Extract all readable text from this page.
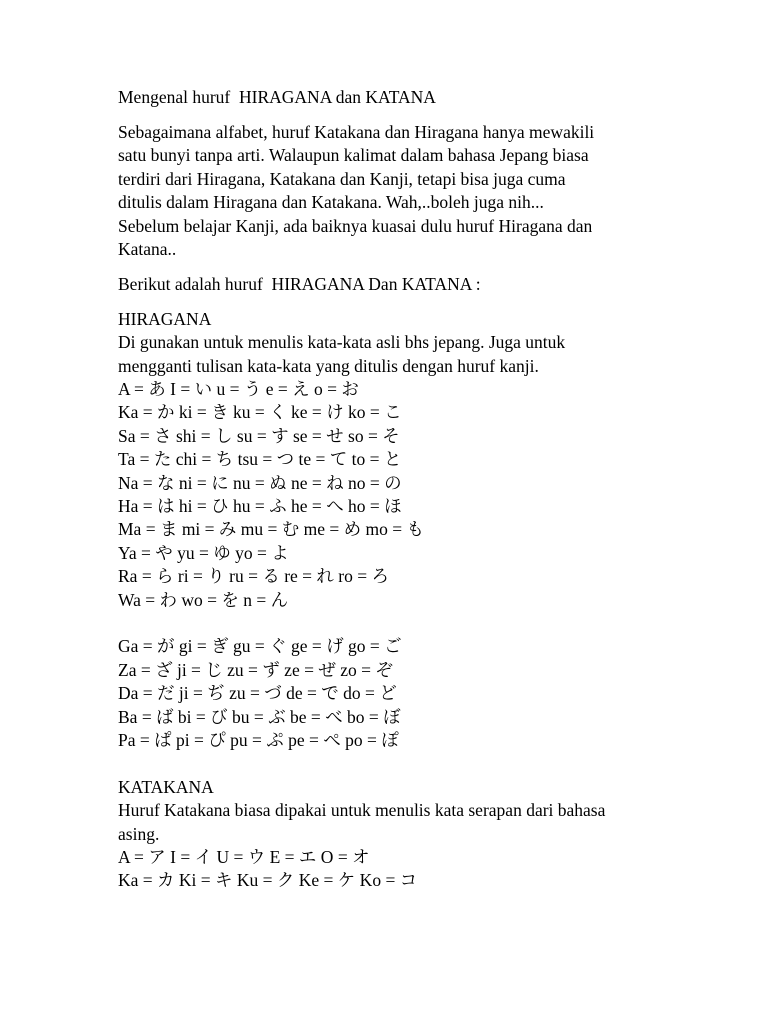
Mengenal huruf  HIRAGANA dan KATANA

Sebagaimana alfabet, huruf Katakana dan Hiragana hanya mewakili

satu bunyi tanpa arti. Walaupun kalimat dalam bahasa Jepang biasa

terdiri dari Hiragana, Katakana dan Kanji, tetapi bisa juga cuma

ditulis dalam Hiragana dan Katakana. Wah,..boleh juga nih...

Sebelum belajar Kanji, ada baiknya kuasai dulu huruf Hiragana dan

Katana..

Berikut adalah huruf  HIRAGANA Dan KATANA :

HIRAGANA

Di gunakan untuk menulis kata-kata asli bhs jepang. Juga untuk

mengganti tulisan kata-kata yang ditulis dengan huruf kanji.

A = あ I = い u = う e = え o = お

Ka = か ki = き ku = く ke = け ko = こ

Sa = さ shi = し su = す se = せ so = そ

Ta = た chi = ち tsu = つ te = て to = と

Na = な ni = に nu = ぬ ne = ね no = の

Ha = は hi = ひ hu = ふ he = へ ho = ほ

Ma = ま mi = み mu = む me = め mo = も

Ya = や yu = ゆ yo = よ

Ra = ら ri = り ru = る re = れ ro = ろ

Wa = わ wo = を n = ん

Ga = が gi = ぎ gu = ぐ ge = げ go = ご

Za = ざ ji = じ zu = ず ze = ぜ zo = ぞ

Da = だ ji = ぢ zu = づ de = で do = ど

Ba = ば bi = び bu = ぶ be = べ bo = ぼ

Pa = ぱ pi = ぴ pu = ぷ pe = ぺ po = ぽ

KATAKANA

Huruf Katakana biasa dipakai untuk menulis kata serapan dari bahasa

asing.

A = ア I = イ U = ウ E = エ O = オ

Ka = カ Ki = キ Ku = ク Ke = ケ Ko = コ
